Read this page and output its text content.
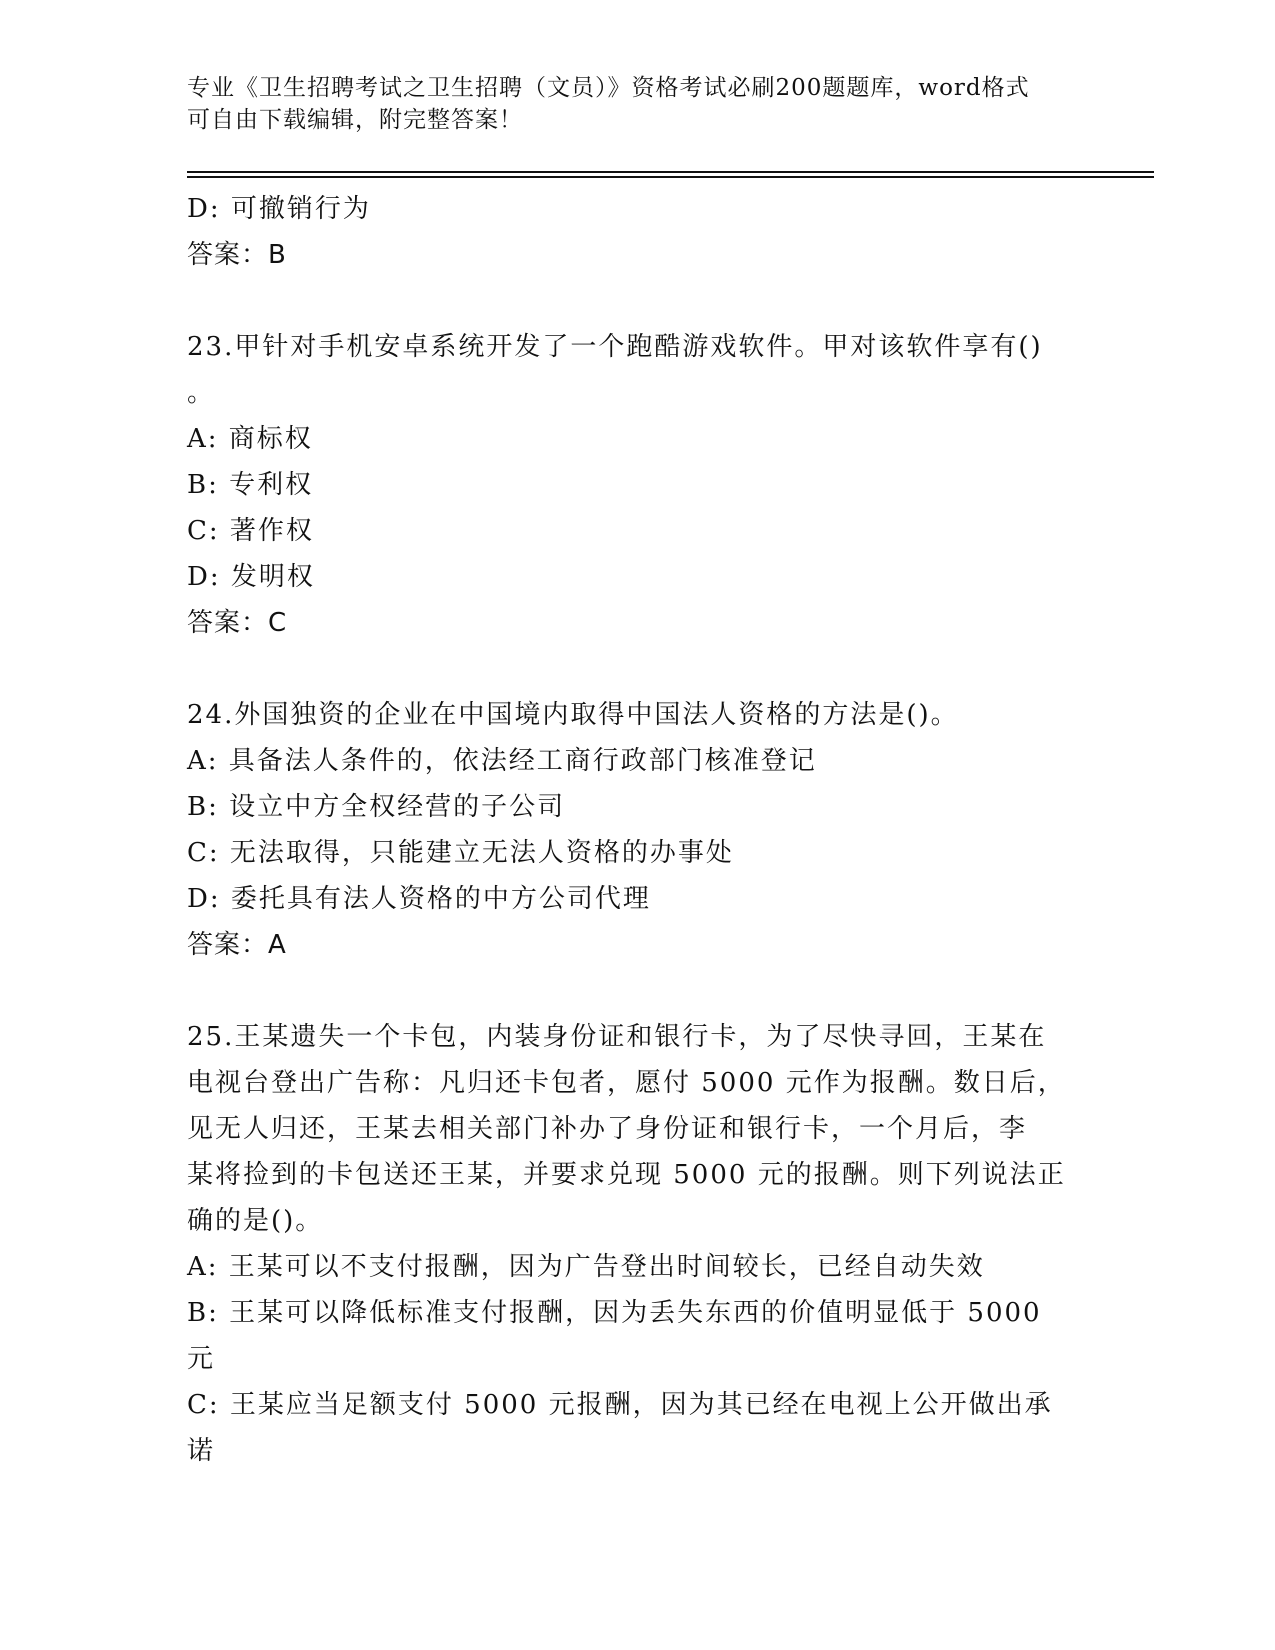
专业《卫生招聘考试之卫生招聘（文员）》资格考试必刷200题题库，word格式
可自由下载编辑，附完整答案！
D: 可撤销行为
答案：B
23.甲针对手机安卓系统开发了一个跑酷游戏软件。甲对该软件享有()
。
A: 商标权
B: 专利权
C: 著作权
D: 发明权
答案：C
24.外国独资的企业在中国境内取得中国法人资格的方法是()。
A: 具备法人条件的，依法经工商行政部门核准登记
B: 设立中方全权经营的子公司
C: 无法取得，只能建立无法人资格的办事处
D: 委托具有法人资格的中方公司代理
答案：A
25.王某遗失一个卡包，内装身份证和银行卡，为了尽快寻回，王某在
电视台登出广告称：凡归还卡包者，愿付 5000 元作为报酬。数日后，
见无人归还，王某去相关部门补办了身份证和银行卡，一个月后，李
某将捡到的卡包送还王某，并要求兑现 5000 元的报酬。则下列说法正
确的是()。
A: 王某可以不支付报酬，因为广告登出时间较长，已经自动失效
B: 王某可以降低标准支付报酬，因为丢失东西的价值明显低于 5000
元
C: 王某应当足额支付 5000 元报酬，因为其已经在电视上公开做出承
诺
